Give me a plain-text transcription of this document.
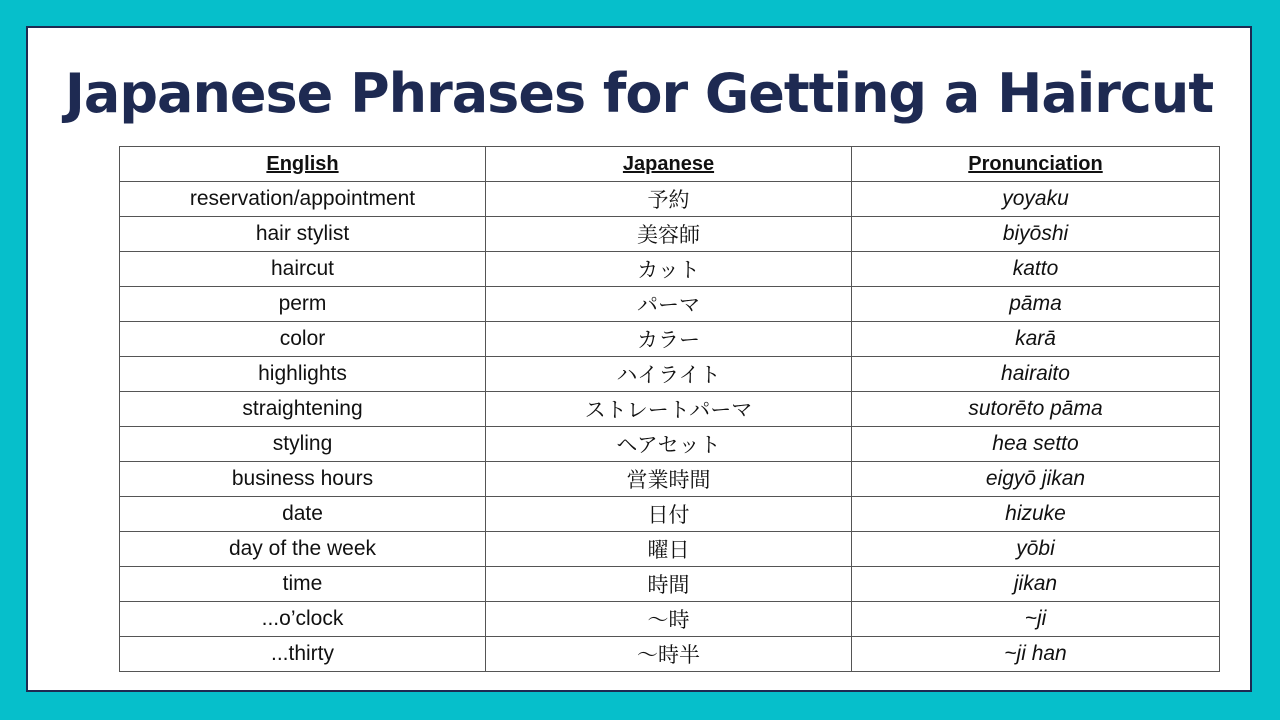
Japanese Phrases for Getting a Haircut
English	Japanese	Pronunciation
reservation/appointment	予約	yoyaku
hair stylist	美容師	biyōshi
haircut	カット	katto
perm	パーマ	pāma
color	カラー	karā
highlights	ハイライト	hairaito
straightening	ストレートパーマ	sutorēto pāma
styling	ヘアセット	hea setto
business hours	営業時間	eigyō jikan
date	日付	hizuke
day of the week	曜日	yōbi
time	時間	jikan
...o’clock	〜時	~ji
...thirty	〜時半	~ji han
